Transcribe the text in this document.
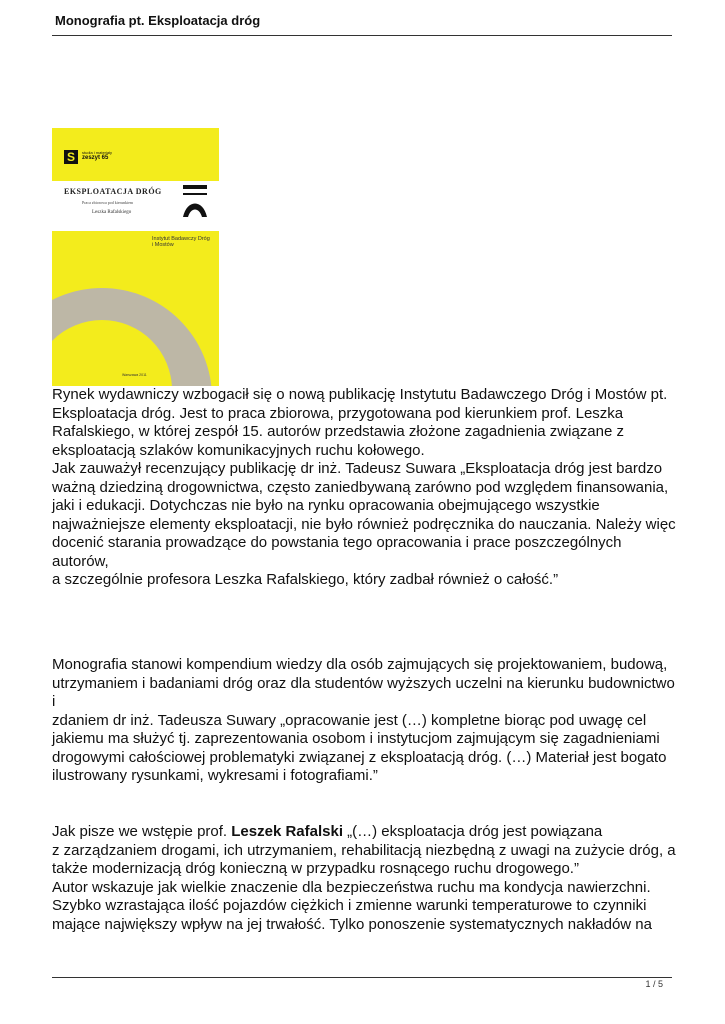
Monografia pt. Eksploatacja dróg
S	studia i materiały
zeszyt 65
EKSPLOATACJA DRÓG
Praca zbiorowa pod kierunkiem
Leszka Rafalskiego
Instytut Badawczy Dróg i Mostów
Warszawa 2011
Rynek wydawniczy wzbogacił się o nową publikację Instytutu Badawczego Dróg i Mostów pt.
Eksploatacja dróg. Jest to praca zbiorowa, przygotowana pod kierunkiem prof. Leszka
Rafalskiego, w której zespół 15. autorów przedstawia złożone zagadnienia związane z
eksploatacją szlaków komunikacyjnych ruchu kołowego.
Jak zauważył recenzujący publikację dr inż. Tadeusz Suwara „Eksploatacja dróg jest bardzo
ważną dziedziną drogownictwa, często zaniedbywaną zarówno pod względem finansowania,
jaki i edukacji. Dotychczas nie było na rynku opracowania obejmującego wszystkie
najważniejsze elementy eksploatacji, nie było również podręcznika do nauczania. Należy więc
docenić starania prowadzące do powstania tego opracowania i prace poszczególnych autorów,
a szczególnie profesora Leszka Rafalskiego, który zadbał również o całość.”
Monografia stanowi kompendium wiedzy dla osób zajmujących się projektowaniem, budową,
utrzymaniem i badaniami dróg oraz dla studentów wyższych uczelni na kierunku budownictwo i
zdaniem dr inż. Tadeusza Suwary „opracowanie jest (…) kompletne biorąc pod uwagę cel
jakiemu ma służyć tj. zaprezentowania osobom i instytucjom zajmującym się zagadnieniami
drogowymi całościowej problematyki związanej z eksploatacją dróg. (…) Materiał jest bogato
ilustrowany rysunkami, wykresami i fotografiami.”
Jak pisze we wstępie prof. Leszek Rafalski „(…) eksploatacja dróg jest powiązana
z zarządzaniem drogami, ich utrzymaniem, rehabilitacją niezbędną z uwagi na zużycie dróg, a
także modernizacją dróg konieczną w przypadku rosnącego ruchu drogowego.”
Autor wskazuje jak wielkie znaczenie dla bezpieczeństwa ruchu ma kondycja nawierzchni.
Szybko wzrastająca ilość pojazdów ciężkich i zmienne warunki temperaturowe to czynniki
mające największy wpływ na jej trwałość. Tylko ponoszenie systematycznych nakładów na
1 / 5
